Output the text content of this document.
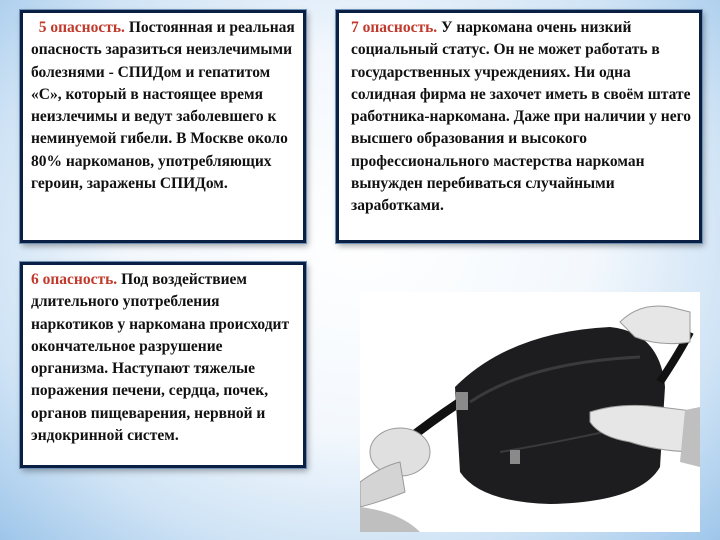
5 опасность. Постоянная и реальная опасность заразиться неизлечимыми болезнями - СПИДом и гепатитом «С», который в настоящее время неизлечимы и ведут заболевшего к неминуемой гибели. В Москве около 80% наркоманов, употребляющих героин, заражены СПИДом.

7 опасность. У наркомана очень низкий социальный статус. Он не может работать в государственных учреждениях. Ни одна солидная фирма не захочет иметь в своём штате работника-наркомана. Даже при наличии у него высшего образования и высокого профессионального мастерства наркоман вынужден перебиваться случайными заработками.

6 опасность. Под воздействием длительного употребления наркотиков у наркомана происходит окончательное разрушение организма. Наступают тяжелые поражения печени, сердца, почек, органов пищеварения, нервной и эндокринной систем.
